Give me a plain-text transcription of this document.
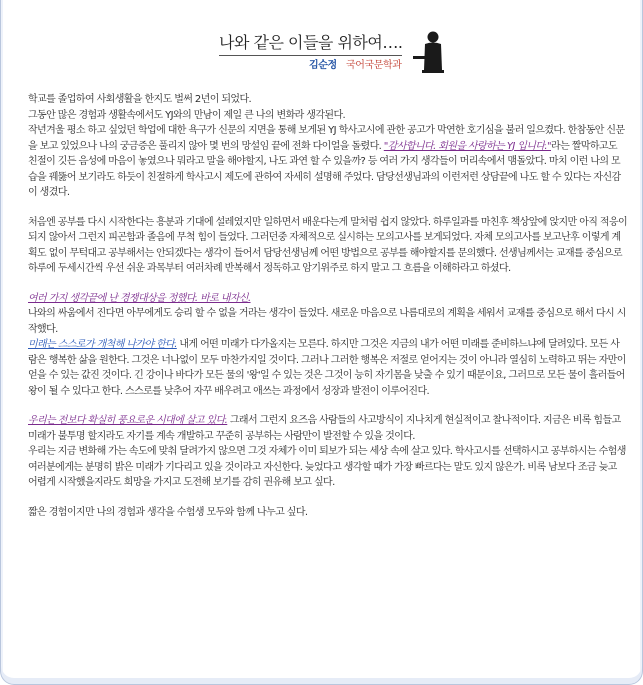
나와 같은 이들을 위하여….
김순정 국어국문학과

학교를 졸업하여 사회생활을 한지도 벌써 2년이 되었다.
그동안 많은 경험과 생활속에서도 YJ와의 만남이 제일 큰 나의 변화라 생각된다.
작년겨울 평소 하고 싶었던 학업에 대한 욕구가 신문의 지면을 통해 보게된 YJ 학사고시에 관한 공고가 막연한 호기심을 불러 일으켰다. 한참동안 신문을 보고 있었으나 나의 궁금증은 풀리지 않아 몇 번의 망설임 끝에 전화 다이얼을 돌렸다. "감사합니다. 회원을 사랑하는 YJ 입니다."라는 짤막하고도 친절이 깃든 음성에 마음이 놓였으나 뭐라고 말을 해야할지, 나도 과연 할 수 있을까? 등 여러 가지 생각들이 머리속에서 맴돌았다. 마치 이런 나의 모습을 꿰뚫어 보기라도 하듯이 친절하게 학사고시 제도에 관하여 자세히 설명해 주었다. 담당선생님과의 이런저런 상담끝에 나도 할 수 있다는 자신감이 생겼다.

처음엔 공부를 다시 시작한다는 흥분과 기대에 설레였지만 일하면서 배운다는게 말처럼 쉽지 않았다. 하루일과를 마친후 책상앞에 앉지만 아직 적응이 되지 않아서 그런지 피곤함과 졸음에 무척 힘이 들었다. 그러던중 자체적으로 실시하는 모의고사를 보게되었다. 자체 모의고사를 보고난후 이렇게 계획도 없이 무턱대고 공부해서는 안되겠다는 생각이 들어서 담당선생님께 어떤 방법으로 공부를 해야할지를 문의했다. 선생님께서는 교재를 중심으로 하루에 두세시간씩 우선 쉬운 과목부터 여러차례 반복해서 정독하고 암기위주로 하지 말고 그 흐름을 이해하라고 하셨다.

여러 가지 생각끝에 난 경쟁대상을 정했다. 바로 내자신.
나와의 싸움에서 진다면 아무에게도 승리 할 수 없을 거라는 생각이 들었다. 새로운 마음으로 나름대로의 계획을 세워서 교재를 중심으로 해서 다시 시작했다.
미래는 스스로가 개척해 나가야 한다. 내게 어떤 미래가 다가올지는 모른다. 하지만 그것은 지금의 내가 어떤 미래를 준비하느냐에 달려있다. 모든 사람은 행복한 삶을 원한다. 그것은 너나없이 모두 마찬가지일 것이다. 그러나 그러한 행복은 저절로 얻어지는 것이 아니라 열심히 노력하고 뛰는 자만이 얻을 수 있는 값진 것이다. 긴 강이나 바다가 모든 물의 '왕'일 수 있는 것은 그것이 능히 자기몸을 낮출 수 있기 때문이요, 그러므로 모든 물이 흘러들어 왕이 될 수 있다고 한다. 스스로를 낮추어 자꾸 배우려고 애쓰는 과정에서 성장과 발전이 이루어진다.

우리는 전보다 확실히 풍요로운 시대에 살고 있다. 그래서 그런지 요즈음 사람들의 사고방식이 지나치게 현실적이고 찰나적이다. 지금은 비록 힘들고 미래가 불투명 할지라도 자기를 계속 개발하고 꾸준히 공부하는 사람만이 발전할 수 있을 것이다.
우리는 지금 변화해 가는 속도에 맞춰 달려가지 않으면 그것 자체가 이미 퇴보가 되는 세상 속에 살고 있다. 학사고시를 선택하시고 공부하시는 수험생 여러분에게는 분명히 밝은 미래가 기다리고 있을 것이라고 자신한다. 늦었다고 생각할 때가 가장 빠르다는 말도 있지 않은가. 비록 남보다 조금 늦고 어렵게 시작했을지라도 희망을 가지고 도전해 보기를 감히 권유해 보고 싶다.

짧은 경험이지만 나의 경험과 생각을 수험생 모두와 함께 나누고 싶다.
